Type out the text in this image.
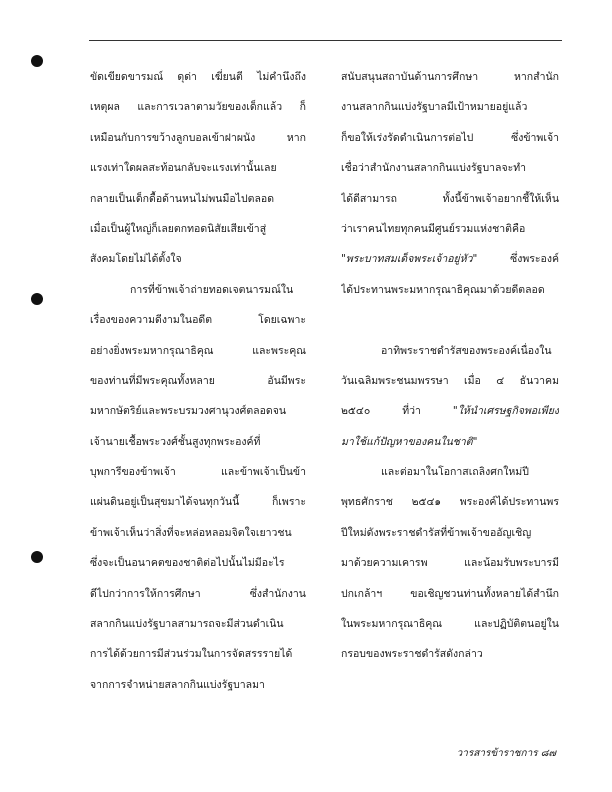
ขัดเขียดขารมณ์ ดุด่า เฆี่ยนตี ไม่คำนึงถึง
เหตุผล และการเวลาตามวัยของเด็กแล้ว ก็
เหมือนกับการขว้างลูกบอลเข้าฝาผนัง หาก
แรงเท่าใดผลสะท้อนกลับจะแรงเท่านั้นเลย
กลายเป็นเด็กดื้อด้านหนไม่พนมือไปตลอด
เมื่อเป็นผู้ใหญ่ก็เลยตกทอดนิสัยเสียเข้าสู่
สังคมโดยไม่ได้ตั้งใจ
การที่ข้าพเจ้าถ่ายทอดเจตนารมณ์ใน
เรื่องของความดีงามในอดีต โดยเฉพาะ
อย่างยิ่งพระมหากรุณาธิคุณ และพระคุณ
ของท่านที่มีพระคุณทั้งหลาย อันมีพระ
มหากษัตริย์และพระบรมวงศานุวงศ์ตลอดจน
เจ้านายเชื้อพระวงศ์ชั้นสูงทุกพระองค์ที่
บุพการีของข้าพเจ้า และข้าพเจ้าเป็นข้า
แผ่นดินอยู่เป็นสุขมาได้จนทุกวันนี้ ก็เพราะ
ข้าพเจ้าเห็นว่าสิ่งที่จะหล่อหลอมจิตใจเยาวชน
ซึ่งจะเป็นอนาคตของชาติต่อไปนั้นไม่มีอะไร
ดีไปกว่าการให้การศึกษา ซึ่งสำนักงาน
สลากกินแบ่งรัฐบาลสามารถจะมีส่วนดำเนิน
การได้ด้วยการมีส่วนร่วมในการจัดสรรรายได้
จากการจำหน่ายสลากกินแบ่งรัฐบาลมา
สนับสนุนสถาบันด้านการศึกษา หากสำนัก
งานสลากกินแบ่งรัฐบาลมีเป้าหมายอยู่แล้ว
ก็ขอให้เร่งรัดดำเนินการต่อไป ซึ่งข้าพเจ้า
เชื่อว่าสำนักงานสลากกินแบ่งรัฐบาลจะทำ
ได้ดีสามารถ ทั้งนี้ข้าพเจ้าอยากชี้ให้เห็น
ว่าเราคนไทยทุกคนมีศูนย์รวมแห่งชาติคือ
"พระบาทสมเด็จพระเจ้าอยู่หัว" ซึ่งพระองค์
ได้ประทานพระมหากรุณาธิคุณมาด้วยดีตลอด
อาทิพระราชดำรัสของพระองค์เนื่องใน
วันเฉลิมพระชนมพรรษา เมื่อ ๔ ธันวาคม
๒๕๔๐ ที่ว่า "ให้นำเศรษฐกิจพอเพียง
มาใช้แก้ปัญหาของคนในชาติ"
และต่อมาในโอกาสเถลิงศกใหม่ปี
พุทธศักราช ๒๕๔๑ พระองค์ได้ประทานพร
ปีใหม่ดังพระราชดำรัสที่ข้าพเจ้าขออัญเชิญ
มาด้วยความเคารพ และน้อมรับพระบารมี
ปกเกล้าฯ ขอเชิญชวนท่านทั้งหลายได้สำนึก
ในพระมหากรุณาธิคุณ และปฏิบัติตนอยู่ใน
กรอบของพระราชดำรัสดังกล่าว
วารสารข้าราชการ ๘๗
